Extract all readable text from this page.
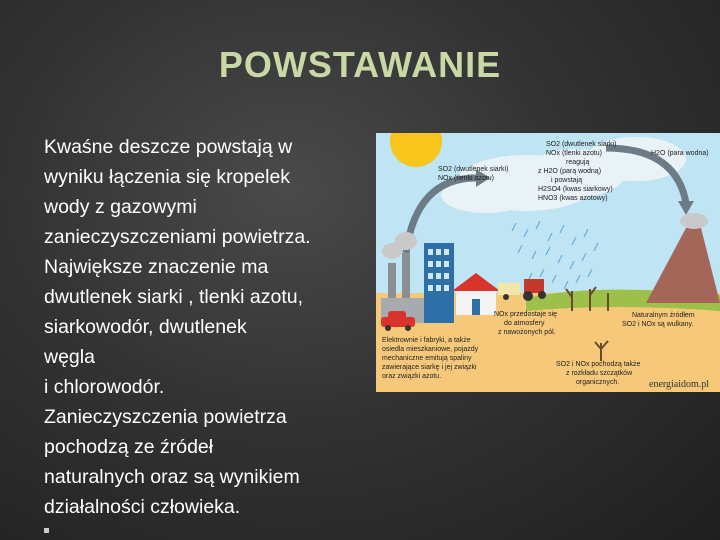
POWSTAWANIE
Kwaśne deszcze powstają w
wyniku łączenia się kropelek
wody z gazowymi
zanieczyszczeniami powietrza.
Największe znaczenie ma
dwutlenek siarki , tlenki azotu,
siarkowodór, dwutlenek
węgla
i chlorowodór.
Zanieczyszczenia powietrza
pochodzą ze źródeł
naturalnych oraz są wynikiem
działalności człowieka.
SO2 (dwutlenek siarki)
NOx (tlenki azotu)
reagują
z H2O (parą wodną)
i powstają
H2SO4 (kwas siarkowy)
HNO3 (kwas azotowy)
SO2 (dwutlenek siarki)
NOx (tlenki azotu)
H2O (para wodna)
NOx przedostaje się
do atmosfery
z nawożonych pól.
Naturalnym źródłem
SO2 i NOx są wulkany.
Elektrownie i fabryki, a także
osiedla mieszkaniowe, pojazdy
mechaniczne emitują spaliny
zawierające siarkę i jej związki
oraz związki azotu.
SO2 i NOx pochodzą także
z rozkładu szczątków
organicznych.	energiaidom.pl
